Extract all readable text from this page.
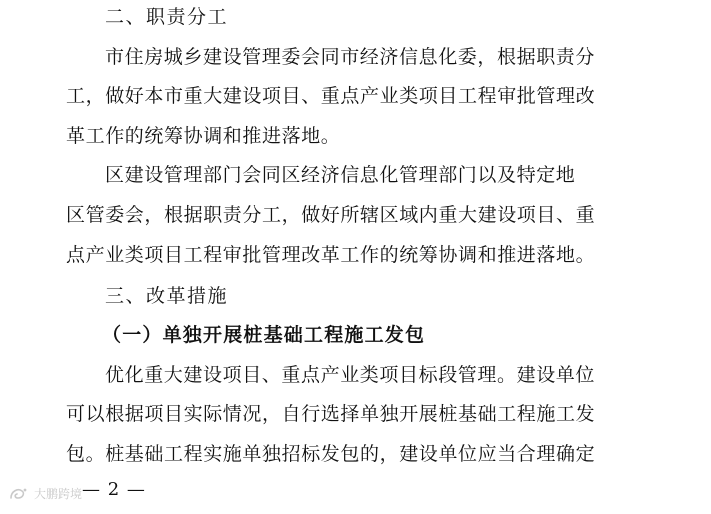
二、职责分工
市住房城乡建设管理委会同市经济信息化委，根据职责分
工，做好本市重大建设项目、重点产业类项目工程审批管理改
革工作的统筹协调和推进落地。
区建设管理部门会同区经济信息化管理部门以及特定地
区管委会，根据职责分工，做好所辖区域内重大建设项目、重
点产业类项目工程审批管理改革工作的统筹协调和推进落地。
三、改革措施
（一）单独开展桩基础工程施工发包
优化重大建设项目、重点产业类项目标段管理。建设单位
可以根据项目实际情况，自行选择单独开展桩基础工程施工发
包。桩基础工程实施单独招标发包的，建设单位应当合理确定
— 2 —
大鹏跨境
